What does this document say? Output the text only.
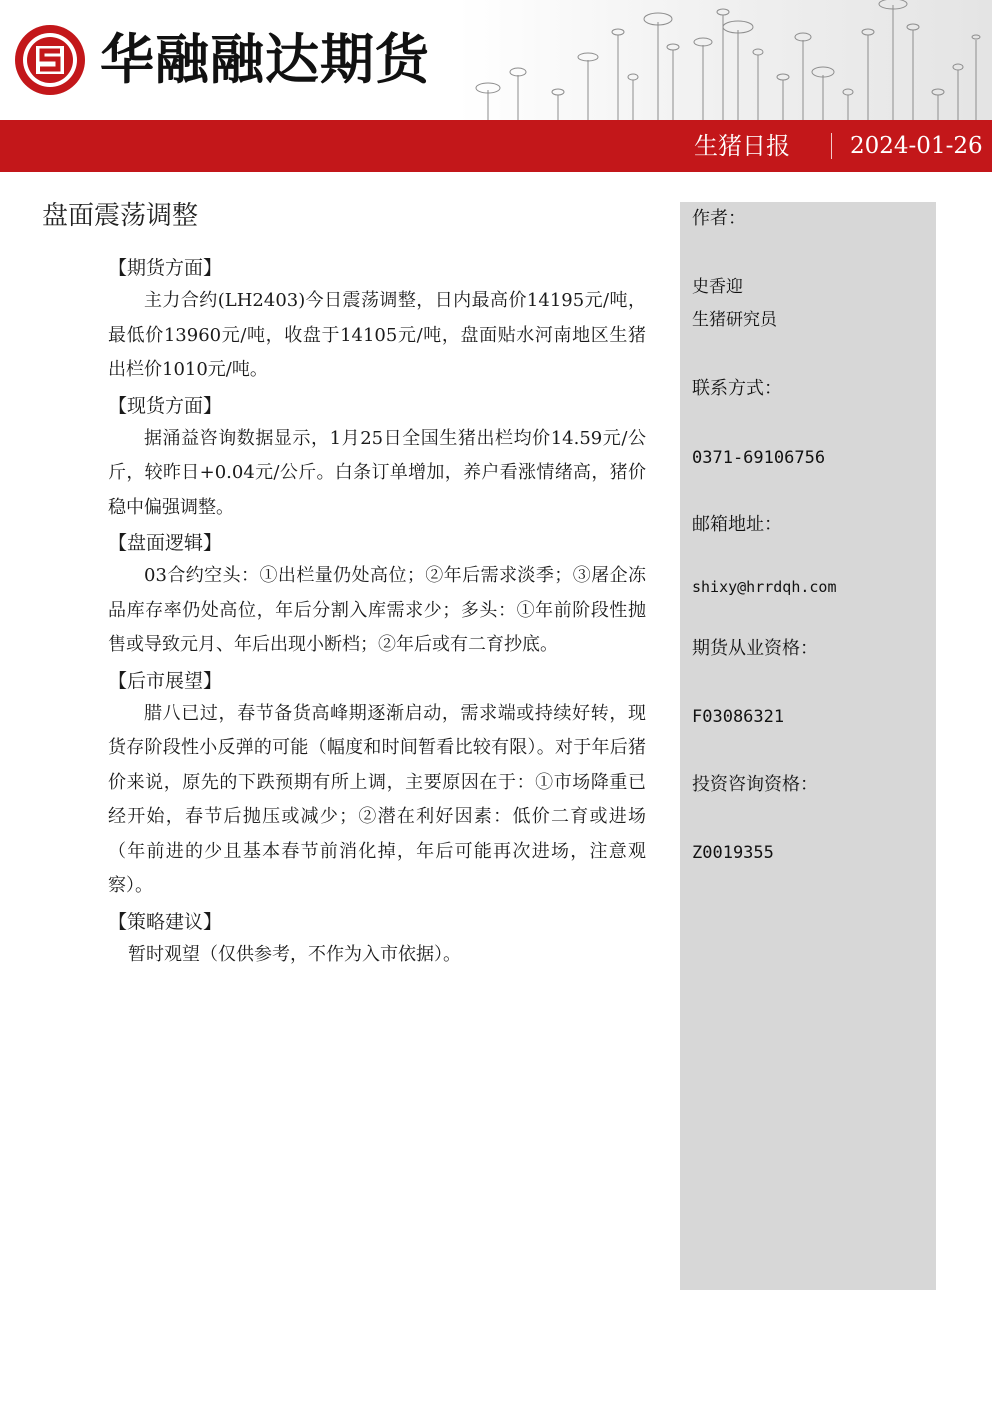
华融融达期货
生猪日报	2024-01-26
盘面震荡调整

【期货方面】

主力合约(LH2403)今日震荡调整，日内最高价14195元/吨，最低价13960元/吨，收盘于14105元/吨，盘面贴水河南地区生猪出栏价1010元/吨。

【现货方面】

据涌益咨询数据显示，1月25日全国生猪出栏均价14.59元/公斤，较昨日+0.04元/公斤。白条订单增加，养户看涨情绪高，猪价稳中偏强调整。

【盘面逻辑】

03合约空头：①出栏量仍处高位；②年后需求淡季；③屠企冻品库存率仍处高位，年后分割入库需求少；多头：①年前阶段性抛售或导致元月、年后出现小断档；②年后或有二育抄底。

【后市展望】

腊八已过，春节备货高峰期逐渐启动，需求端或持续好转，现货存阶段性小反弹的可能（幅度和时间暂看比较有限）。对于年后猪价来说，原先的下跌预期有所上调，主要原因在于：①市场降重已经开始，春节后抛压或减少；②潜在利好因素：低价二育或进场（年前进的少且基本春节前消化掉，年后可能再次进场，注意观察）。

【策略建议】

暂时观望（仅供参考，不作为入市依据）。

作者：
史香迎
生猪研究员
联系方式：
0371-69106756
邮箱地址：
shixy@hrrdqh.com
期货从业资格：
F03086321
投资咨询资格：
Z0019355
